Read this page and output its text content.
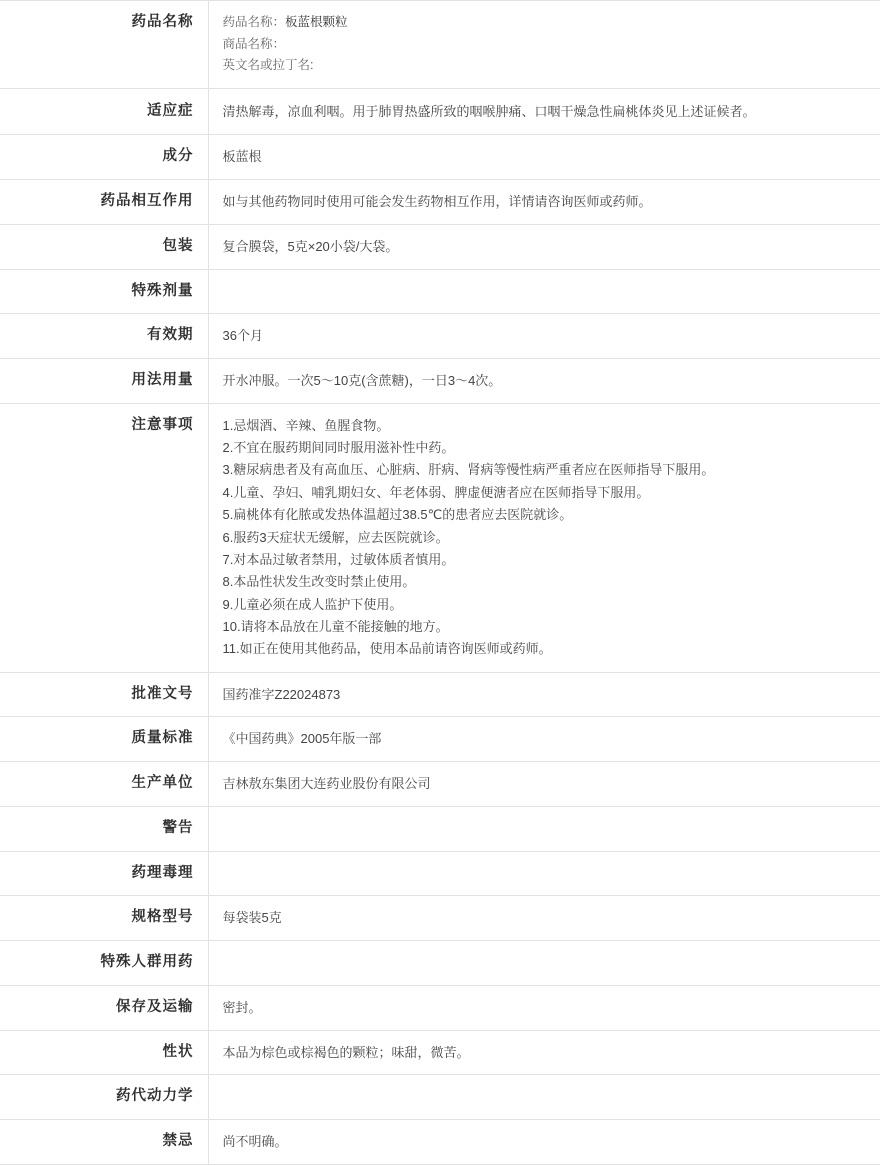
药品名称	药品名称：板蓝根颗粒
商品名称：
英文名或拉丁名:

适应症	清热解毒，凉血利咽。用于肺胃热盛所致的咽喉肿痛、口咽干燥急性扁桃体炎见上述证候者。
成分	板蓝根
药品相互作用	如与其他药物同时使用可能会发生药物相互作用，详情请咨询医师或药师。
包装	复合膜袋，5克×20小袋/大袋。
特殊剂量	
有效期	36个月
用法用量	开水冲服。一次5～10克(含蔗糖)，一日3～4次。
注意事项	1.忌烟酒、辛辣、鱼腥食物。
2.不宜在服药期间同时服用滋补性中药。
3.糖尿病患者及有高血压、心脏病、肝病、肾病等慢性病严重者应在医师指导下服用。
4.儿童、孕妇、哺乳期妇女、年老体弱、脾虚便溏者应在医师指导下服用。
5.扁桃体有化脓或发热体温超过38.5℃的患者应去医院就诊。
6.服药3天症状无缓解，应去医院就诊。
7.对本品过敏者禁用，过敏体质者慎用。
8.本品性状发生改变时禁止使用。
9.儿童必须在成人监护下使用。
10.请将本品放在儿童不能接触的地方。
11.如正在使用其他药品，使用本品前请咨询医师或药师。

批准文号	国药准字Z22024873
质量标准	《中国药典》2005年版一部
生产单位	吉林敖东集团大连药业股份有限公司
警告	
药理毒理	
规格型号	每袋装5克
特殊人群用药	
保存及运输	密封。
性状	本品为棕色或棕褐色的颗粒；味甜，微苦。
药代动力学	
禁忌	尚不明确。
